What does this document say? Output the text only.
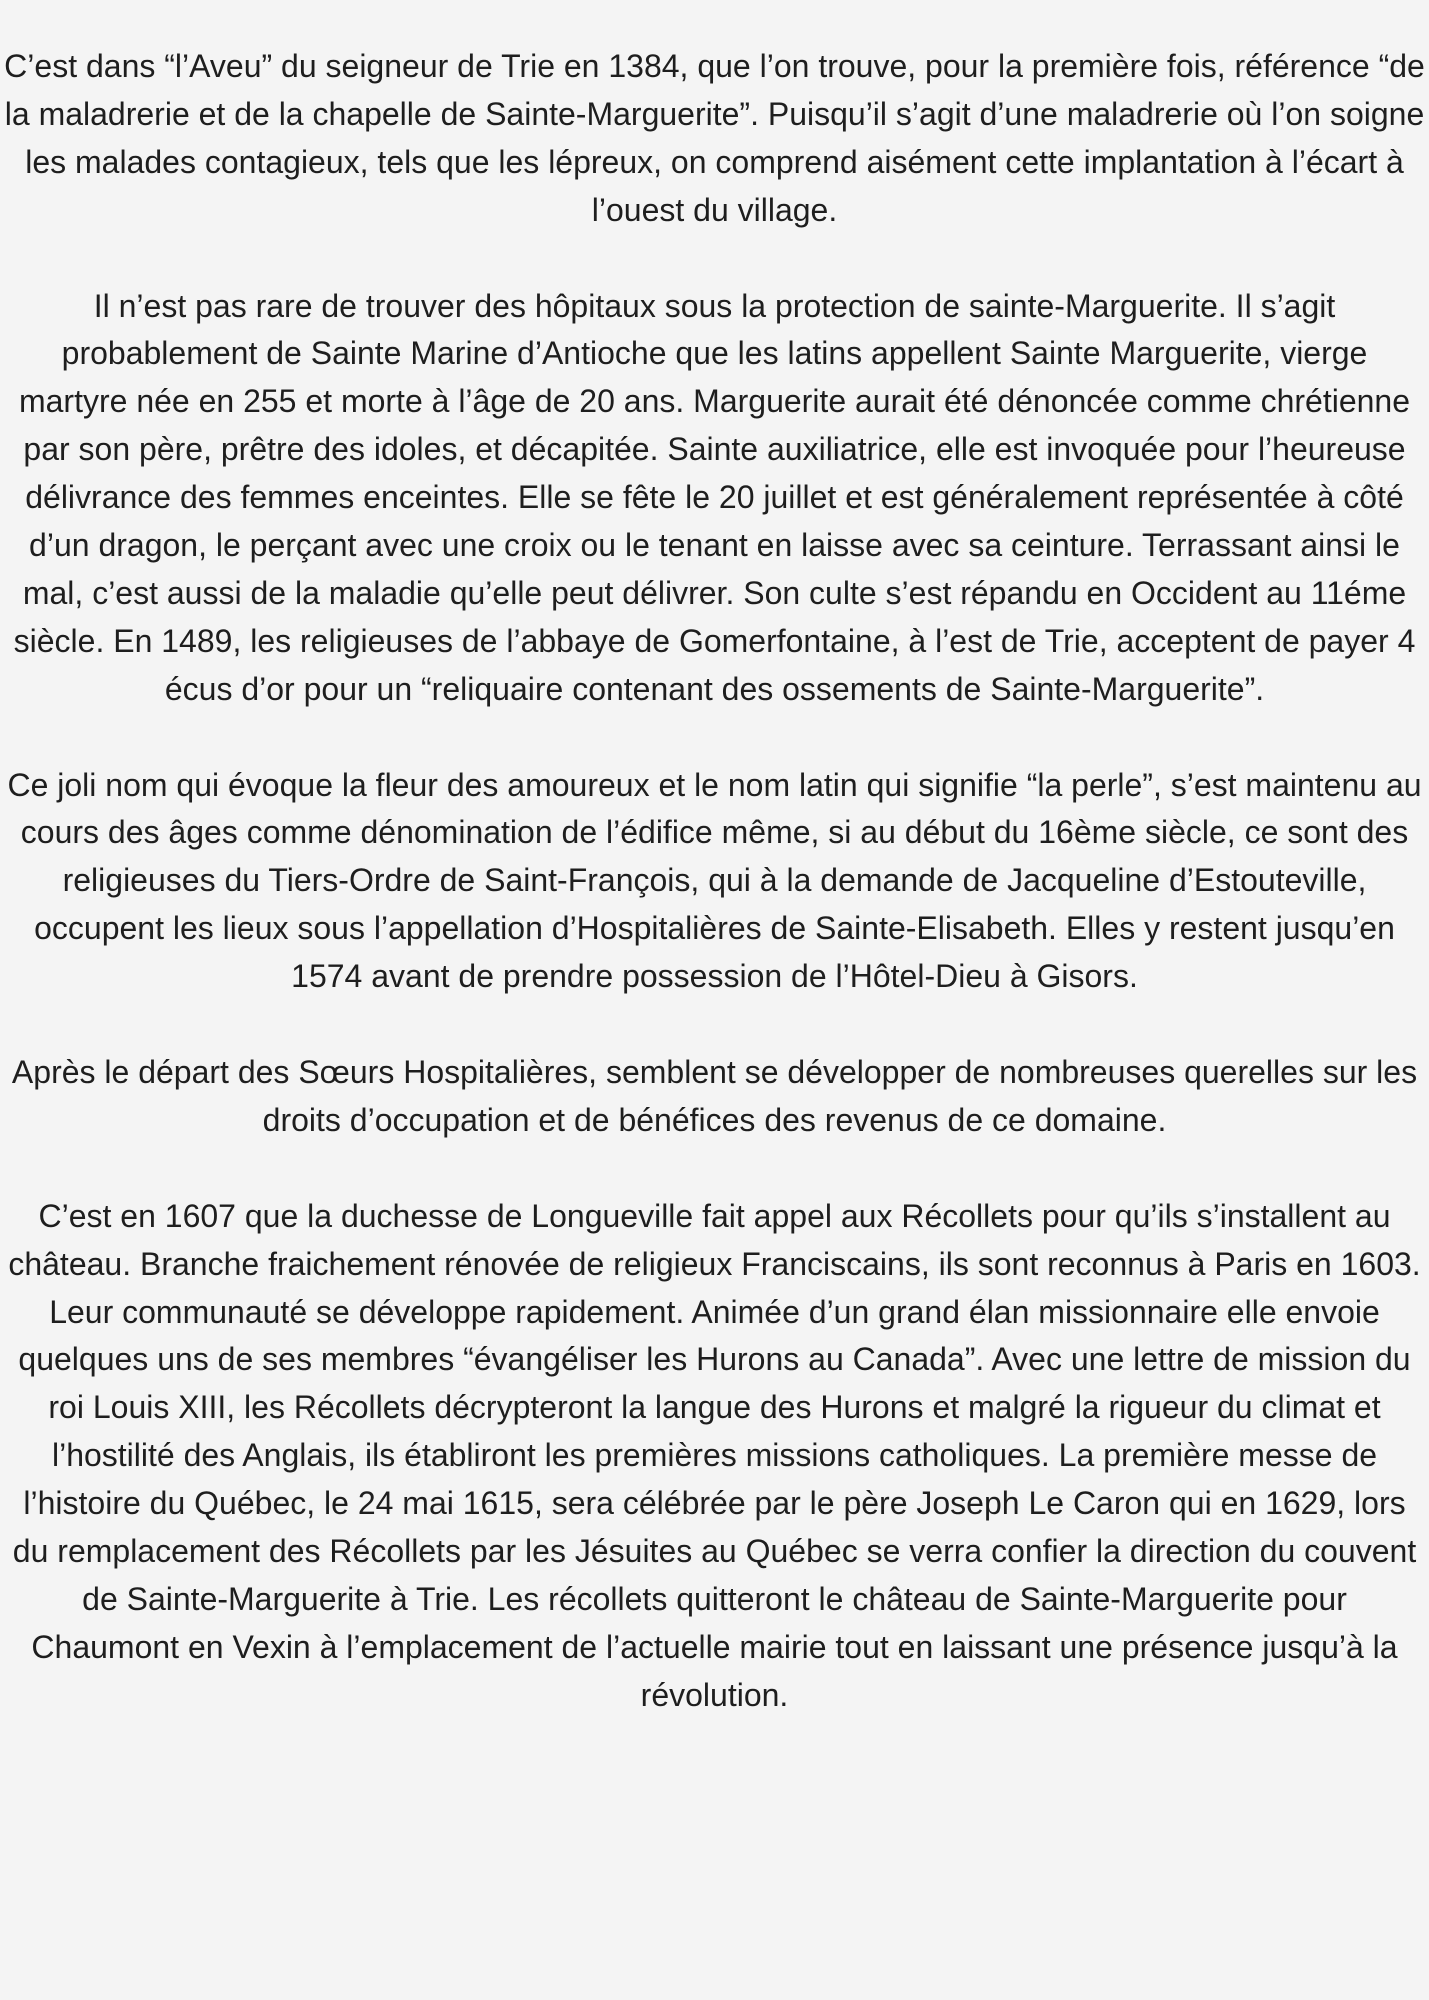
C’est dans “l’Aveu” du seigneur de Trie en 1384, que l’on trouve, pour la première fois, référence “de la maladrerie et de la chapelle de Sainte-Marguerite”. Puisqu’il s’agit d’une maladrerie où l’on soigne les malades contagieux, tels que les lépreux, on comprend aisément cette implantation à l’écart à l’ouest du village.

Il n’est pas rare de trouver des hôpitaux sous la protection de sainte-Marguerite. Il s’agit probablement de Sainte Marine d’Antioche que les latins appellent Sainte Marguerite, vierge martyre née en 255 et morte à l’âge de 20 ans. Marguerite aurait été dénoncée comme chrétienne par son père, prêtre des idoles, et décapitée. Sainte auxiliatrice, elle est invoquée pour l’heureuse délivrance des femmes enceintes. Elle se fête le 20 juillet et est généralement représentée à côté d’un dragon, le perçant avec une croix ou le tenant en laisse avec sa ceinture. Terrassant ainsi le mal, c’est aussi de la maladie qu’elle peut délivrer. Son culte s’est répandu en Occident au 11éme siècle. En 1489, les religieuses de l’abbaye de Gomerfontaine, à l’est de Trie, acceptent de payer 4 écus d’or pour un “reliquaire contenant des ossements de Sainte-Marguerite”.

Ce joli nom qui évoque la fleur des amoureux et le nom latin qui signifie “la perle”, s’est maintenu au cours des âges comme dénomination de l’édifice même, si au début du 16ème siècle, ce sont des religieuses du Tiers-Ordre de Saint-François, qui à la demande de Jacqueline d’Estouteville, occupent les lieux sous l’appellation d’Hospitalières de Sainte-Elisabeth. Elles y restent jusqu’en 1574 avant de prendre possession de l’Hôtel-Dieu à Gisors.

Après le départ des Sœurs Hospitalières, semblent se développer de nombreuses querelles sur les droits d’occupation et de bénéfices des revenus de ce domaine.

C’est en 1607 que la duchesse de Longueville fait appel aux Récollets pour qu’ils s’installent au château. Branche fraichement rénovée de religieux Franciscains, ils sont reconnus à Paris en 1603. Leur communauté se développe rapidement. Animée d’un grand élan missionnaire elle envoie quelques uns de ses membres “évangéliser les Hurons au Canada”. Avec une lettre de mission du roi Louis XIII, les Récollets décrypteront la langue des Hurons et malgré la rigueur du climat et l’hostilité des Anglais, ils établiront les premières missions catholiques. La première messe de l’histoire du Québec, le 24 mai 1615, sera célébrée par le père Joseph Le Caron qui en 1629, lors du remplacement des Récollets par les Jésuites au Québec se verra confier la direction du couvent de Sainte-Marguerite à Trie. Les récollets quitteront le château de Sainte-Marguerite pour Chaumont en Vexin à l’emplacement de l’actuelle mairie tout en laissant une présence jusqu’à la révolution.
